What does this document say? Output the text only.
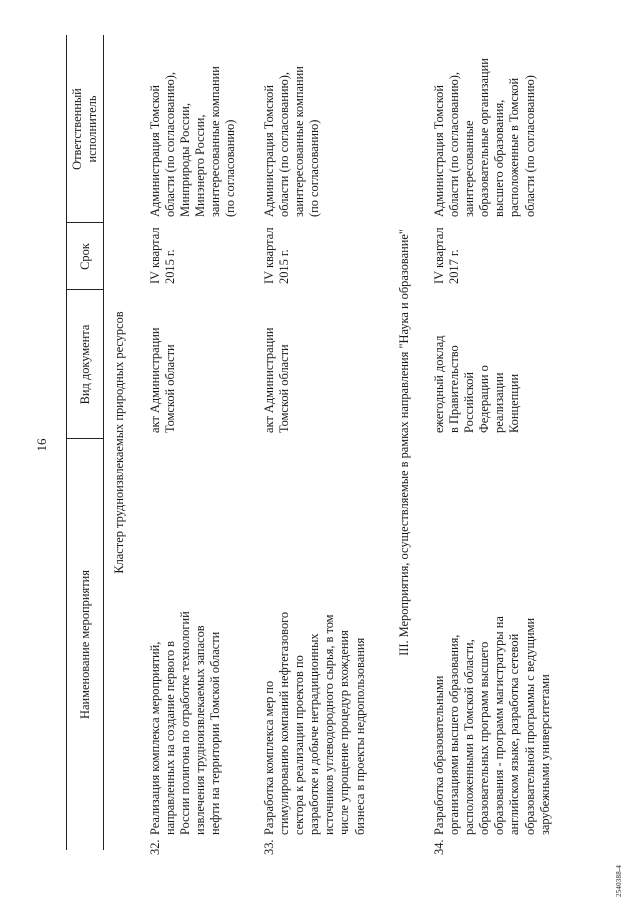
16
Наименование мероприятия
Вид документа
Срок
Ответственный
исполнитель
Кластер трудноизвлекаемых природных ресурсов
32.
Реализация комплекса мероприятий,
направленных на создание первого в
России полигона по отработке технологий
извлечения трудноизвлекаемых запасов
нефти на территории Томской области
акт Администрации
Томской области
IV квартал
2015 г.
Администрация Томской
области (по согласованию),
Минприроды России,
Минэнерго России,
заинтересованные компании
(по согласованию)
33.
Разработка комплекса мер по
стимулированию компаний нефтегазового
сектора к реализации проектов по
разработке и добыче нетрадиционных
источников углеводородного сырья, в том
числе упрощение процедур вхождения
бизнеса в проекты недропользования
акт Администрации
Томской области
IV квартал
2015 г.
Администрация Томской
области (по согласованию),
заинтересованные компании
(по согласованию)
III. Мероприятия, осуществляемые в рамках направления "Наука и образование"
34.
Разработка образовательными
организациями высшего образования,
расположенными в Томской области,
образовательных программ высшего
образования - программ магистратуры на
английском языке, разработка сетевой
образовательной программы с ведущими
зарубежными университетами
ежегодный доклад
в Правительство
Российской
Федерации о
реализации
Концепции
IV квартал
2017 г.
Администрация Томской
области (по согласованию),
заинтересованные
образовательные организации
высшего образования,
расположенные в Томской
области (по согласованию)
2540388-4
